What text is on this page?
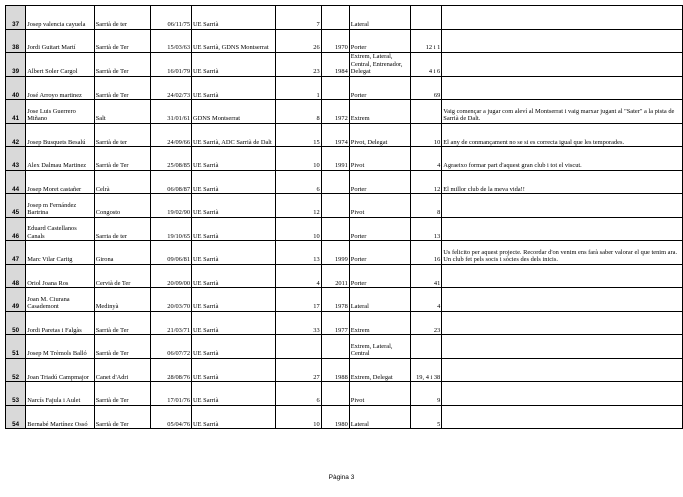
37	Josep valencia cayuela	Sarrià de ter	06/11/75	UE Sarrià	7		Lateral		
38	Jordi Guitart Martí	Sarrià de Ter	15/03/63	UE Sarrià, GDNS Montserrat	26	1970	Porter	12 i 1	
39	Albert Soler Cargol	Sarrià de Ter	16/01/79	UE Sarrià	23	1984	Extrem, Lateral, Central, Entrenador, Delegat	4 i 6	
40	José Arroyo martinez	Sarrià de Ter	24/02/73	UE Sarrià	1		Porter	69	
41	Jose Luis Guerrero Miñano	Salt	31/01/61	GDNS Montserrat	8	1972	Extrem		Vaig començar a jugar com aleví al Montserrat i vaig marxar jugant al "Sater" a la pista de Sarrià de Dalt.
42	Josep Busquets Besalú	Sarrià de ter	24/09/66	UE Sarrià, ADC Sarrià de Dalt	15	1974	Pivot, Delegat	10	El any de conmançament no se si es correcta igual que les temporades.
43	Alex Dalmau Martinez	Sarrià de Ter	25/08/85	UE Sarrià	10	1991	Pivot	4	Agraeixo formar part d'aquest gran club i tot el viscut.
44	Josep Moret castañer	Celrà	06/08/87	UE Sarrià	6		Porter	12	El millor club de la meva vida!!
45	Josep m Fernández Bartrina	Congosto	19/02/90	UE Sarrià	12		Pivot	8	
46	Eduard Castellanos Canals	Sarria de ter	19/10/65	UE Sarrià	10		Porter	13	
47	Marc Vilar Caritg	Girona	09/06/81	UE Sarrià	13	1999	Porter	16	Us felicito per aquest projecte. Recordar d'on venim ens farà saber valorar el que tenim ara. Un club fet pels socis i sòcies des dels inicis.
48	Oriol Joana Ros	Cervià de Ter	20/09/00	UE Sarrià	4	2011	Porter	41	
49	Joan M. Ciurana Casademont	Medinyà	20/03/70	UE Sarrià	17	1978	Lateral	4	
50	Jordi Paretas i Falgàs	Sarrià de Ter	21/03/71	UE Sarrià	33	1977	Extrem	23	
51	Josep M Trèmols Balló	Sarrià de Ter	06/07/72	UE Sarrià			Extrem, Lateral, Central		
52	Joan Triadú Campmajor	Canet d'Adri	28/08/76	UE Sarrià	27	1988	Extrem, Delegat	19, 4 i 38	
53	Narcís Fajula i Aulet	Sarrià de Ter	17/01/76	UE Sarrià	6		Pivot	9	
54	Bernabé Martínez Ossó	Sarrià de Ter	05/04/76	UE Sarrià	10	1980	Lateral	5	
Pàgina 3
